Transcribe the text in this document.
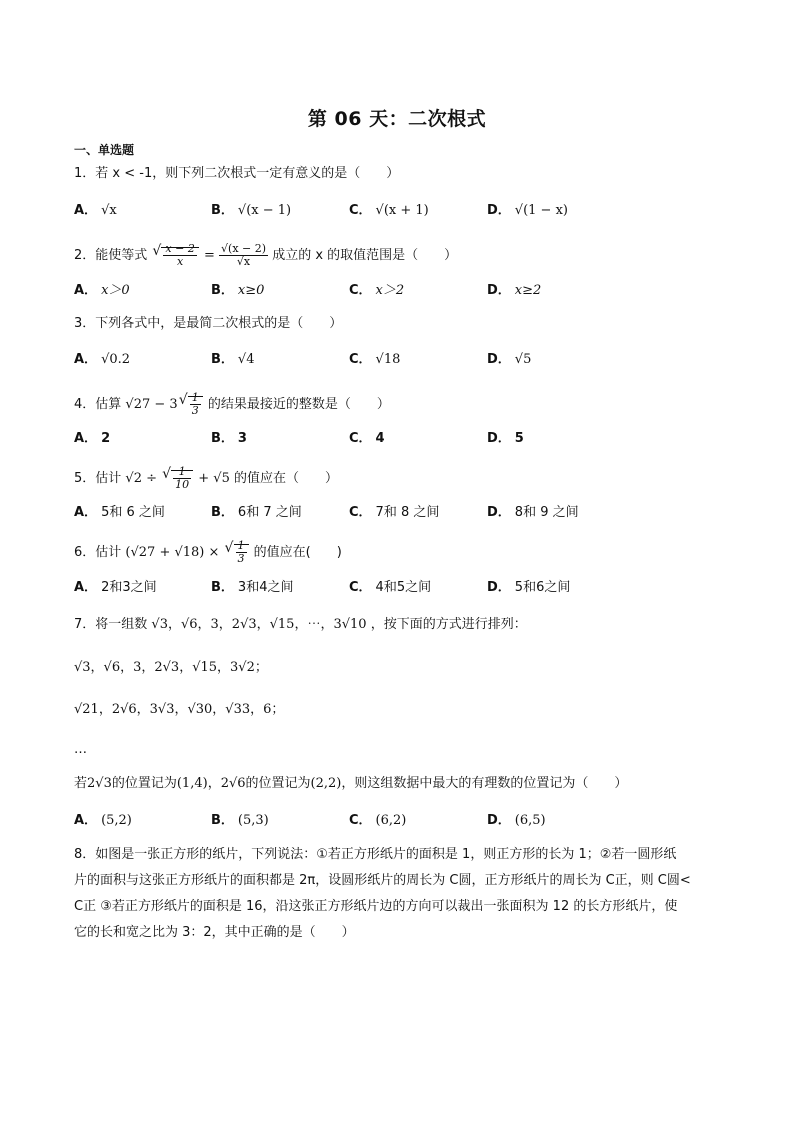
第 06 天：二次根式
一、单选题
1．若 x < -1，则下列二次根式一定有意义的是（　　）
A． √x	B． √(x − 1)	C． √(x + 1)	D． √(1 − x)
2．能使等式 √ $\frac{x - 2}{x} = \frac{√(x - 2)}{√x}$ 成立的 x 的取值范围是（　　）
A． x＞0	B． x≥0	C． x＞2	D． x≥2
3．下列各式中，是最简二次根式的是（　　）
A． √0.2	B． √4	C． √18	D． √5
4．估算 √27 − 3 √ $\frac{1}{3}$ 的结果最接近的整数是（　　）
A． 2	B． 3	C． 4	D． 5
5．估计 √2 ÷ √ $\frac{1}{10} + √5$ 的值应在（　　）
A． 5和 6 之间	B． 6和 7 之间	C． 7和 8 之间	D． 8和 9 之间
6．估计 (√27 + √18) × √ $\frac{1}{3}$ 的值应在(　　)
A． 2和3之间	B． 3和4之间	C． 4和5之间	D． 5和6之间
7．将一组数 √3，√6，3，2√3，√15，⋯，3√10 ，按下面的方式进行排列：
√3，√6，3，2√3，√15，3√2；
√21，2√6，3√3，√30，√33，6；
…
若2√3的位置记为(1,4)，2√6的位置记为(2,2)，则这组数据中最大的有理数的位置记为（　　）
A． (5,2)	B． (5,3)	C． (6,2)	D． (6,5)
8．如图是一张正方形的纸片，下列说法：①若正方形纸片的面积是 1，则正方形的长为 1；②若一圆形纸
片的面积与这张正方形纸片的面积都是 2π，设圆形纸片的周长为 C圆，正方形纸片的周长为 C正，则 C圆<
C正 ③若正方形纸片的面积是 16，沿这张正方形纸片边的方向可以裁出一张面积为 12 的长方形纸片，使
它的长和宽之比为 3：2，其中正确的是（　　）
